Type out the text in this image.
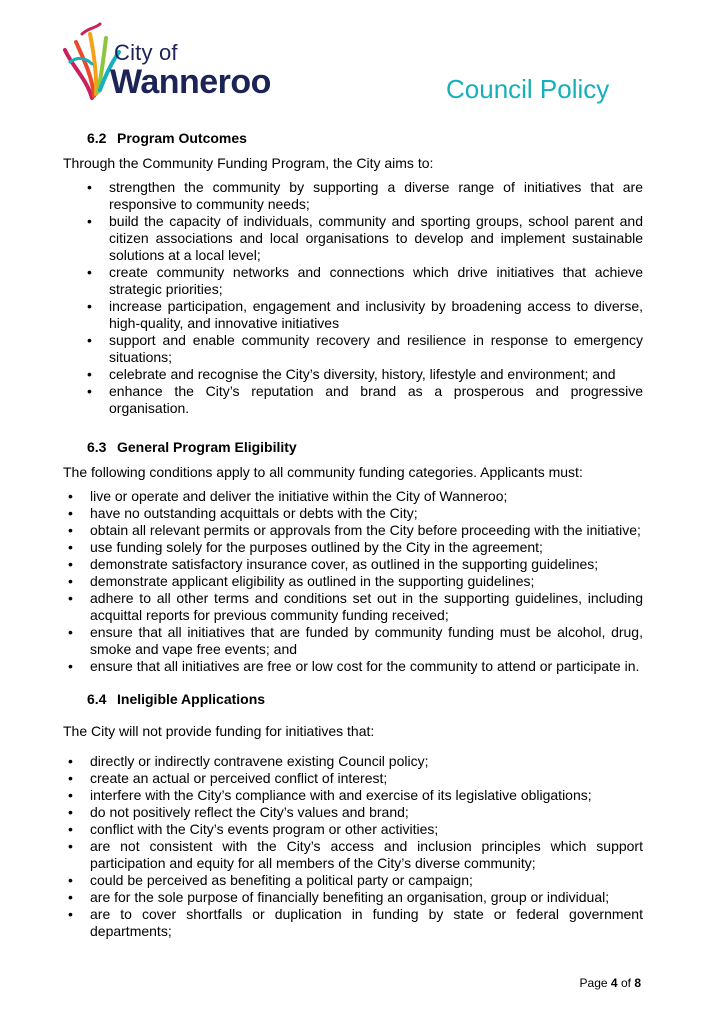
City of
Wanneroo	Council Policy
6.2 Program Outcomes
Through the Community Funding Program, the City aims to:
• strengthen the community by supporting a diverse range of initiatives that are responsive to community needs;
• build the capacity of individuals, community and sporting groups, school parent and citizen associations and local organisations to develop and implement sustainable solutions at a local level;
• create community networks and connections which drive initiatives that achieve strategic priorities;
• increase participation, engagement and inclusivity by broadening access to diverse, high-quality, and innovative initiatives
• support and enable community recovery and resilience in response to emergency situations;
• celebrate and recognise the City’s diversity, history, lifestyle and environment; and
• enhance the City’s reputation and brand as a prosperous and progressive organisation.
6.3 General Program Eligibility
The following conditions apply to all community funding categories. Applicants must:
• live or operate and deliver the initiative within the City of Wanneroo;
• have no outstanding acquittals or debts with the City;
• obtain all relevant permits or approvals from the City before proceeding with the initiative;
• use funding solely for the purposes outlined by the City in the agreement;
• demonstrate satisfactory insurance cover, as outlined in the supporting guidelines;
• demonstrate applicant eligibility as outlined in the supporting guidelines;
• adhere to all other terms and conditions set out in the supporting guidelines, including acquittal reports for previous community funding received;
• ensure that all initiatives that are funded by community funding must be alcohol, drug, smoke and vape free events; and
• ensure that all initiatives are free or low cost for the community to attend or participate in.
6.4 Ineligible Applications
The City will not provide funding for initiatives that:
• directly or indirectly contravene existing Council policy;
• create an actual or perceived conflict of interest;
• interfere with the City’s compliance with and exercise of its legislative obligations;
• do not positively reflect the City’s values and brand;
• conflict with the City’s events program or other activities;
• are not consistent with the City’s access and inclusion principles which support participation and equity for all members of the City’s diverse community;
• could be perceived as benefiting a political party or campaign;
• are for the sole purpose of financially benefiting an organisation, group or individual;
• are to cover shortfalls or duplication in funding by state or federal government departments;
Page 4 of 8
